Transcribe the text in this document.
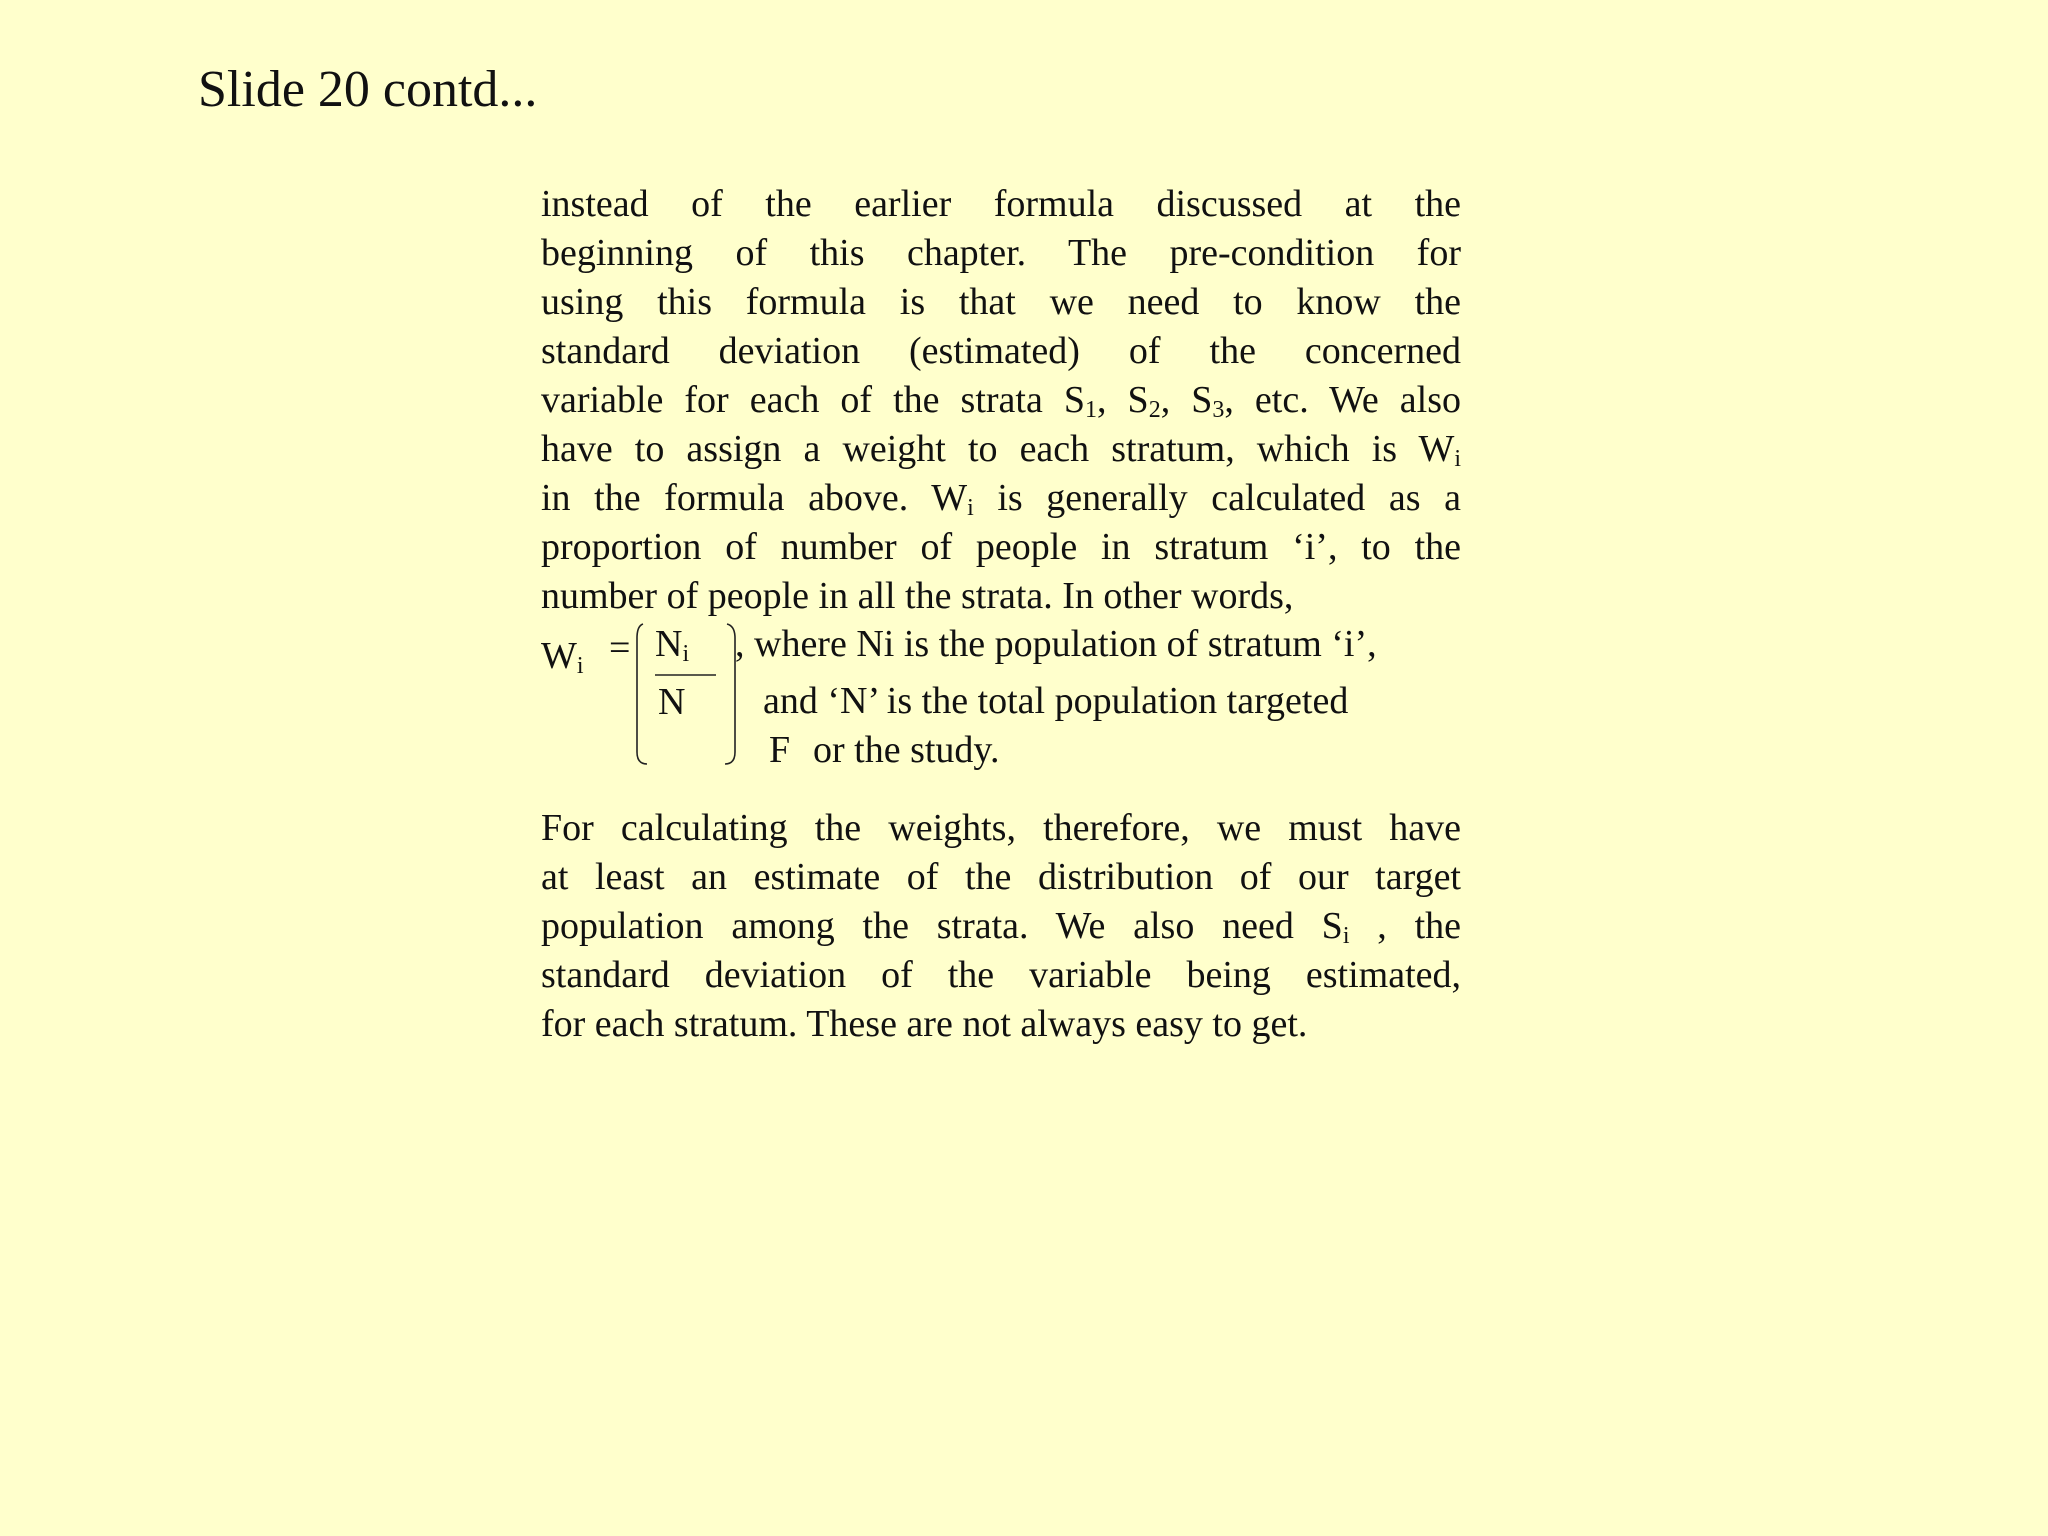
Slide 20 contd...
instead of the earlier formula discussed at the
beginning of this chapter. The pre-condition for
using this formula is that we need to know the
standard deviation (estimated) of the concerned
variable for each of the strata $S_1$, $S_2$, $S_3$, etc. We also
have to assign a weight to each stratum, which is $W_i$
in the formula above. $W_i$ is generally calculated as a
proportion of number of people in stratum ‘i’, to the
number of people in all the strata. In other words,
$W_i = N_i$
N
, where Ni is the population of stratum ‘i’,
and ‘N’ is the total population targeted
F or the study.
For calculating the weights, therefore, we must have
at least an estimate of the distribution of our target
population among the strata. We also need $S_i$ , the
standard deviation of the variable being estimated,
for each stratum. These are not always easy to get.
